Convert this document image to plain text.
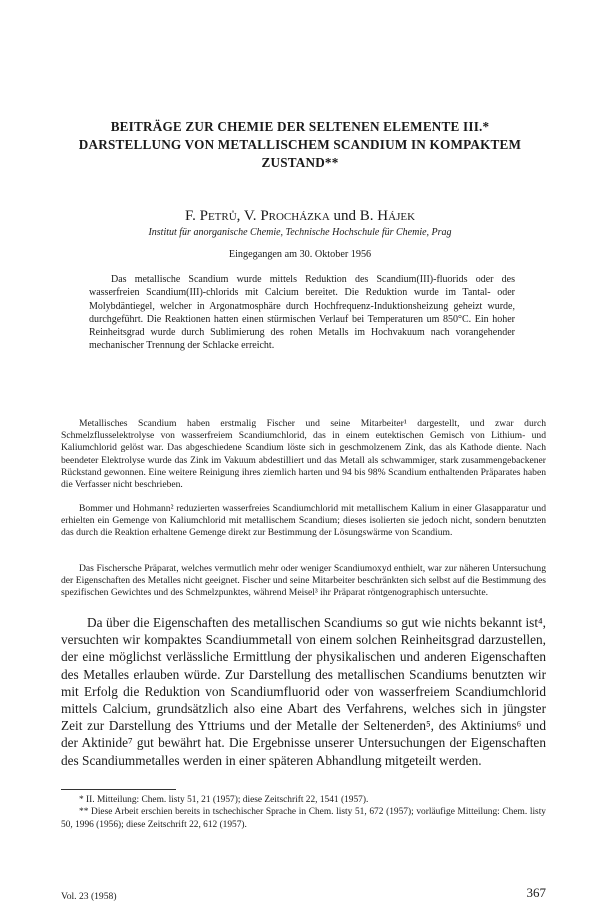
BEITRÄGE ZUR CHEMIE DER SELTENEN ELEMENTE III.*
DARSTELLUNG VON METALLISCHEM SCANDIUM IN KOMPAKTEM
ZUSTAND**
F. Petrů, V. Procházka und B. Hájek
Institut für anorganische Chemie, Technische Hochschule für Chemie, Prag
Eingegangen am 30. Oktober 1956

Das metallische Scandium wurde mittels Reduktion des Scandium(III)-fluorids oder des wasserfreien Scandium(III)-chlorids mit Calcium bereitet. Die Reduktion wurde im Tantal- oder Molybdäntiegel, welcher in Argonatmosphäre durch Hochfrequenz-Induktionsheizung geheizt wurde, durchgeführt. Die Reaktionen hatten einen stürmischen Verlauf bei Temperaturen um 850°C. Ein hoher Reinheitsgrad wurde durch Sublimierung des rohen Metalls im Hochvakuum nach vorangehender mechanischer Trennung der Schlacke erreicht.

Metallisches Scandium haben erstmalig Fischer und seine Mitarbeiter¹ dargestellt, und zwar durch Schmelzflusselektrolyse von wasserfreiem Scandiumchlorid, das in einem eutektischen Gemisch von Lithium- und Kaliumchlorid gelöst war. Das abgeschiedene Scandium löste sich in geschmolzenem Zink, das als Kathode diente. Nach beendeter Elektrolyse wurde das Zink im Vakuum abdestilliert und das Metall als schwammiger, stark zusammengebackener Rückstand gewonnen. Eine weitere Reinigung ihres ziemlich harten und 94 bis 98% Scandium enthaltenden Präparates haben die Verfasser nicht beschrieben.

Bommer und Hohmann² reduzierten wasserfreies Scandiumchlorid mit metallischem Kalium in einer Glasapparatur und erhielten ein Gemenge von Kaliumchlorid mit metallischem Scandium; dieses isolierten sie jedoch nicht, sondern benutzten das durch die Reaktion erhaltene Gemenge direkt zur Bestimmung der Lösungswärme von Scandium.

Das Fischersche Präparat, welches vermutlich mehr oder weniger Scandiumoxyd enthielt, war zur näheren Untersuchung der Eigenschaften des Metalles nicht geeignet. Fischer und seine Mitarbeiter beschränkten sich selbst auf die Bestimmung des spezifischen Gewichtes und des Schmelzpunktes, während Meisel³ ihr Präparat röntgenographisch untersuchte.

Da über die Eigenschaften des metallischen Scandiums so gut wie nichts bekannt ist⁴, versuchten wir kompaktes Scandiummetall von einem solchen Reinheitsgrad darzustellen, der eine möglichst verlässliche Ermittlung der physikalischen und anderen Eigenschaften des Metalles erlauben würde. Zur Darstellung des metallischen Scandiums benutzten wir mit Erfolg die Reduktion von Scandiumfluorid oder von wasserfreiem Scandiumchlorid mittels Calcium, grundsätzlich also eine Abart des Verfahrens, welches sich in jüngster Zeit zur Darstellung des Yttriums und der Metalle der Seltenerden⁵, des Aktiniums⁶ und der Aktinide⁷ gut bewährt hat. Die Ergebnisse unserer Untersuchungen der Eigenschaften des Scandiummetalles werden in einer späteren Abhandlung mitgeteilt werden.

* II. Mitteilung: Chem. listy 51, 21 (1957); diese Zeitschrift 22, 1541 (1957).

** Diese Arbeit erschien bereits in tschechischer Sprache in Chem. listy 51, 672 (1957); vorläufige Mitteilung: Chem. listy 50, 1996 (1956); diese Zeitschrift 22, 612 (1957).

Vol. 23 (1958)	367
